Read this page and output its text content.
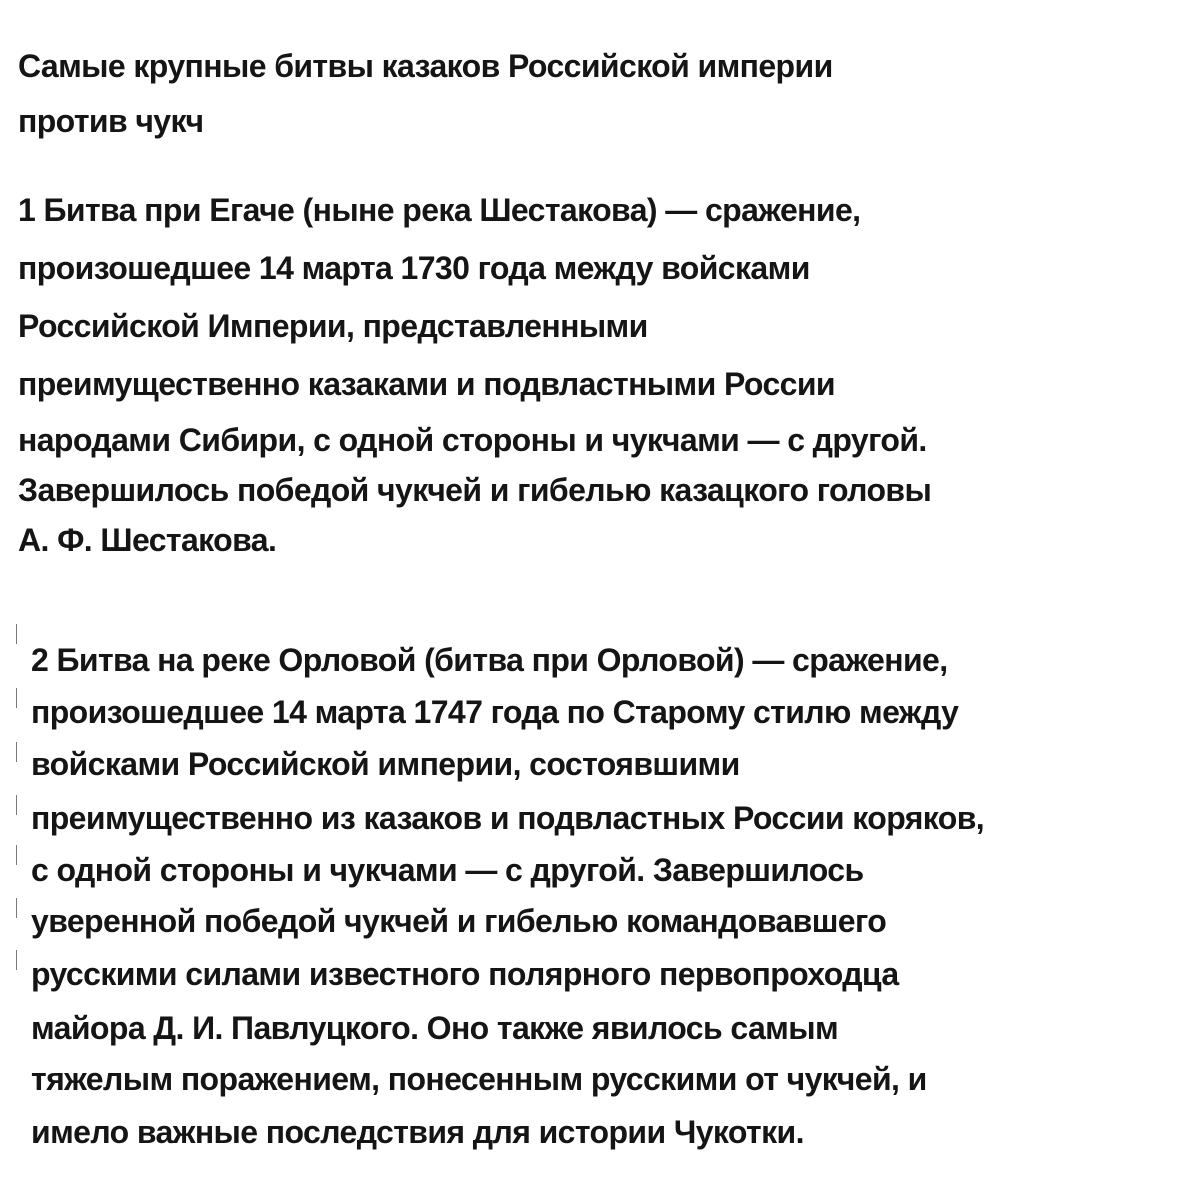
Самые крупные битвы казаков Российской империи
против чукч
1 Битва при Егаче (ныне река Шестакова) — сражение,
произошедшее 14 марта 1730 года между войсками
Российской Империи, представленными
преимущественно казаками и подвластными России
народами Сибири, с одной стороны и чукчами — с другой.
Завершилось победой чукчей и гибелью казацкого головы
А. Ф. Шестакова.
2 Битва на реке Орловой (битва при Орловой) — сражение,
произошедшее 14 марта 1747 года по Старому стилю между
войсками Российской империи, состоявшими
преимущественно из казаков и подвластных России коряков,
с одной стороны и чукчами — с другой. Завершилось
уверенной победой чукчей и гибелью командовавшего
русскими силами известного полярного первопроходца
майора Д. И. Павлуцкого. Оно также явилось самым
тяжелым поражением, понесенным русскими от чукчей, и
имело важные последствия для истории Чукотки.
